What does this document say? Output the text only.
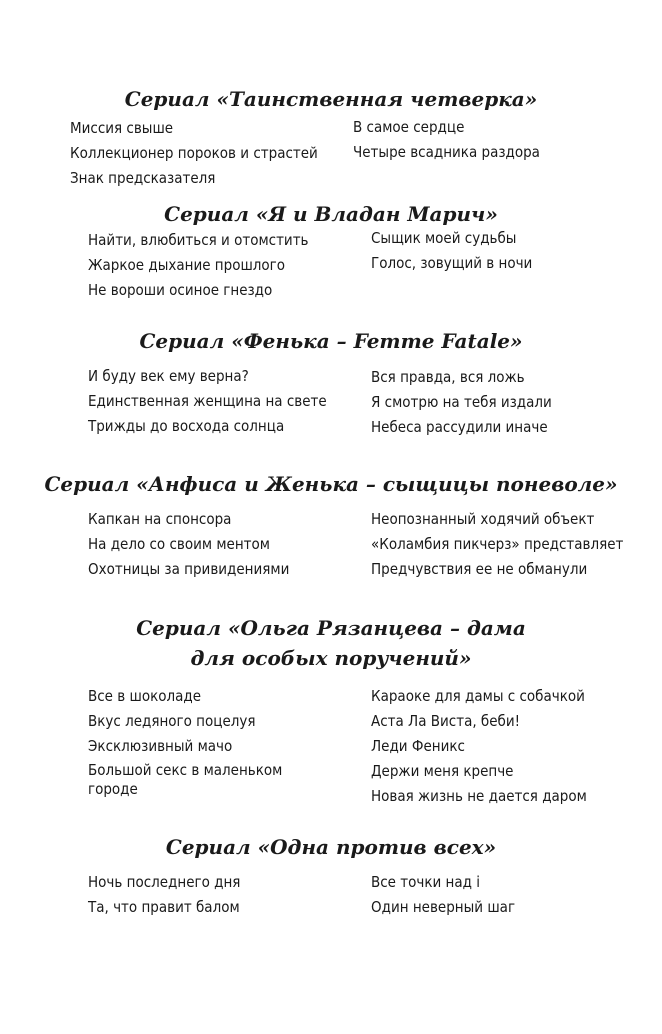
Сериал «Таинственная четверка»

Миссия свыше

Коллекционер пороков и страстей

Знак предсказателя

В самое сердце

Четыре всадника раздора

Сериал «Я и Владан Марич»

Найти, влюбиться и отомстить

Жаркое дыхание прошлого

Не вороши осиное гнездо

Сыщик моей судьбы

Голос, зовущий в ночи

Сериал «Фенька – Femme Fatale»

И буду век ему верна?

Единственная женщина на свете

Трижды до восхода солнца

Вся правда, вся ложь

Я смотрю на тебя издали

Небеса рассудили иначе

Сериал «Анфиса и Женька – сыщицы поневоле»

Капкан на спонсора

На дело со своим ментом

Охотницы за привидениями

Неопознанный ходячий объект

«Коламбия пикчерз» представляет

Предчувствия ее не обманули

Сериал «Ольга Рязанцева – дама

для особых поручений»

Все в шоколаде

Вкус ледяного поцелуя

Эксклюзивный мачо

Большой секс в маленьком городе

Караоке для дамы с собачкой

Аста Ла Виста, беби!

Леди Феникс

Держи меня крепче

Новая жизнь не дается даром

Сериал «Одна против всех»

Ночь последнего дня

Та, что правит балом

Все точки над i

Один неверный шаг
